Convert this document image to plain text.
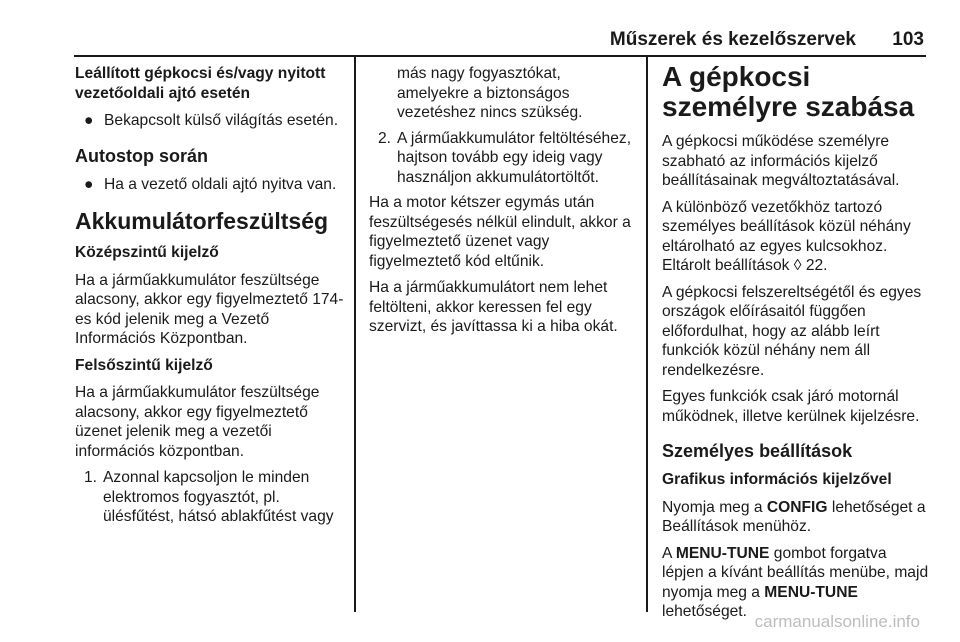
Műszerek és kezelőszervek 103
Leállított gépkocsi és/vagy nyitott vezetőoldali ajtó esetén
● Bekapcsolt külső világítás esetén.
Autostop során
● Ha a vezető oldali ajtó nyitva van.
Akkumulátorfeszültség
Középszintű kijelző

Ha a járműakkumulátor feszültsége alacsony, akkor egy figyelmeztető 174-es kód jelenik meg a Vezető Információs Központban.

Felsőszintű kijelző

Ha a járműakkumulátor feszültsége alacsony, akkor egy figyelmeztető üzenet jelenik meg a vezetői információs központban.

1. Azonnal kapcsoljon le minden elektromos fogyasztót, pl. ülésfűtést, hátsó ablakfűtést vagy
más nagy fogyasztókat, amelyekre a biztonságos vezetéshez nincs szükség.
2. A járműakkumulátor feltöltéséhez, hajtson tovább egy ideig vagy használjon akkumulátortöltőt.

Ha a motor kétszer egymás után feszültségesés nélkül elindult, akkor a figyelmeztető üzenet vagy figyelmeztető kód eltűnik.

Ha a járműakkumulátort nem lehet feltölteni, akkor keressen fel egy szervizt, és javíttassa ki a hiba okát.

A gépkocsi személyre szabása

A gépkocsi működése személyre szabható az információs kijelző beállításainak megváltoztatásával.

A különböző vezetőkhöz tartozó személyes beállítások közül néhány eltárolható az egyes kulcsokhoz. Eltárolt beállítások ◊ 22.

A gépkocsi felszereltségétől és egyes országok előírásaitól függően előfordulhat, hogy az alább leírt funkciók közül néhány nem áll rendelkezésre.

Egyes funkciók csak járó motornál működnek, illetve kerülnek kijelzésre.

Személyes beállítások
Grafikus információs kijelzővel

Nyomja meg a CONFIG lehetőséget a Beállítások menühöz.

A MENU-TUNE gombot forgatva lépjen a kívánt beállítás menübe, majd nyomja meg a MENU-TUNE lehetőséget.

carmanualsonline.info
